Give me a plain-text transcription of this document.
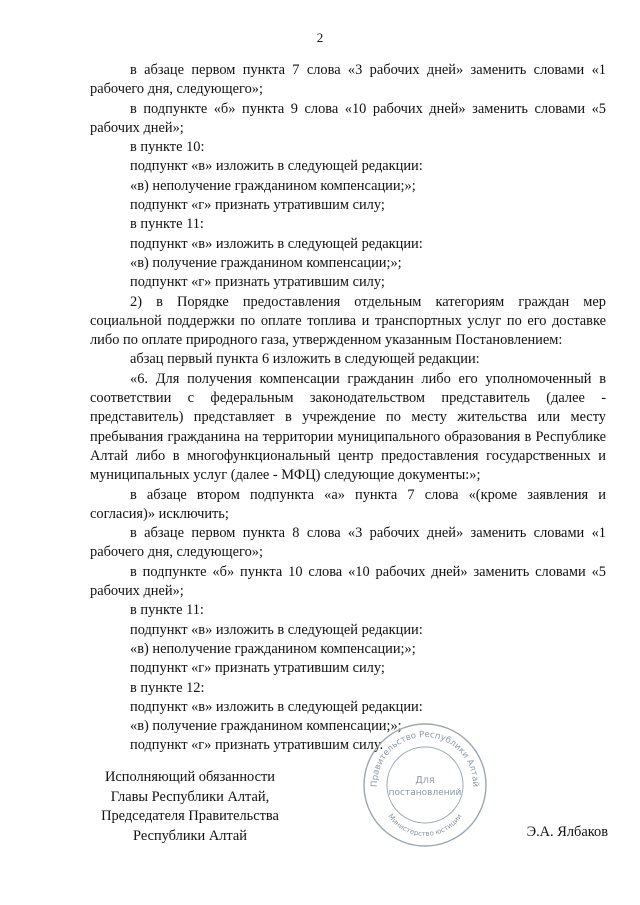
2

в абзаце первом пункта 7 слова «3 рабочих дней» заменить словами «1 рабочего дня, следующего»;

в подпункте «б» пункта 9 слова «10 рабочих дней» заменить словами «5 рабочих дней»;

в пункте 10:

подпункт «в» изложить в следующей редакции:

«в) неполучение гражданином компенсации;»;

подпункт «г» признать утратившим силу;

в пункте 11:

подпункт «в» изложить в следующей редакции:

«в) получение гражданином компенсации;»;

подпункт «г» признать утратившим силу;

2) в Порядке предоставления отдельным категориям граждан мер социальной поддержки по оплате топлива и транспортных услуг по его доставке либо по оплате природного газа, утвержденном указанным Постановлением:

абзац первый пункта 6 изложить в следующей редакции:

«6. Для получения компенсации гражданин либо его уполномоченный в соответствии с федеральным законодательством представитель (далее - представитель) представляет в учреждение по месту жительства или месту пребывания гражданина на территории муниципального образования в Республике Алтай либо в многофункциональный центр предоставления государственных и муниципальных услуг (далее - МФЦ) следующие документы:»;

в абзаце втором подпункта «а» пункта 7 слова «(кроме заявления и согласия)» исключить;

в абзаце первом пункта 8 слова «3 рабочих дней» заменить словами «1 рабочего дня, следующего»;

в подпункте «б» пункта 10 слова «10 рабочих дней» заменить словами «5 рабочих дней»;

в пункте 11:

подпункт «в» изложить в следующей редакции:

«в) неполучение гражданином компенсации;»;

подпункт «г» признать утратившим силу;

в пункте 12:

подпункт «в» изложить в следующей редакции:

«в) получение гражданином компенсации;»;

подпункт «г» признать утратившим силу.

Исполняющий обязанности
Главы Республики Алтай,
Председателя Правительства
Республики Алтай	Э.А. Ялбаков
Правительство Республики Алтай
Министерство юстиции
Для
постановлений
